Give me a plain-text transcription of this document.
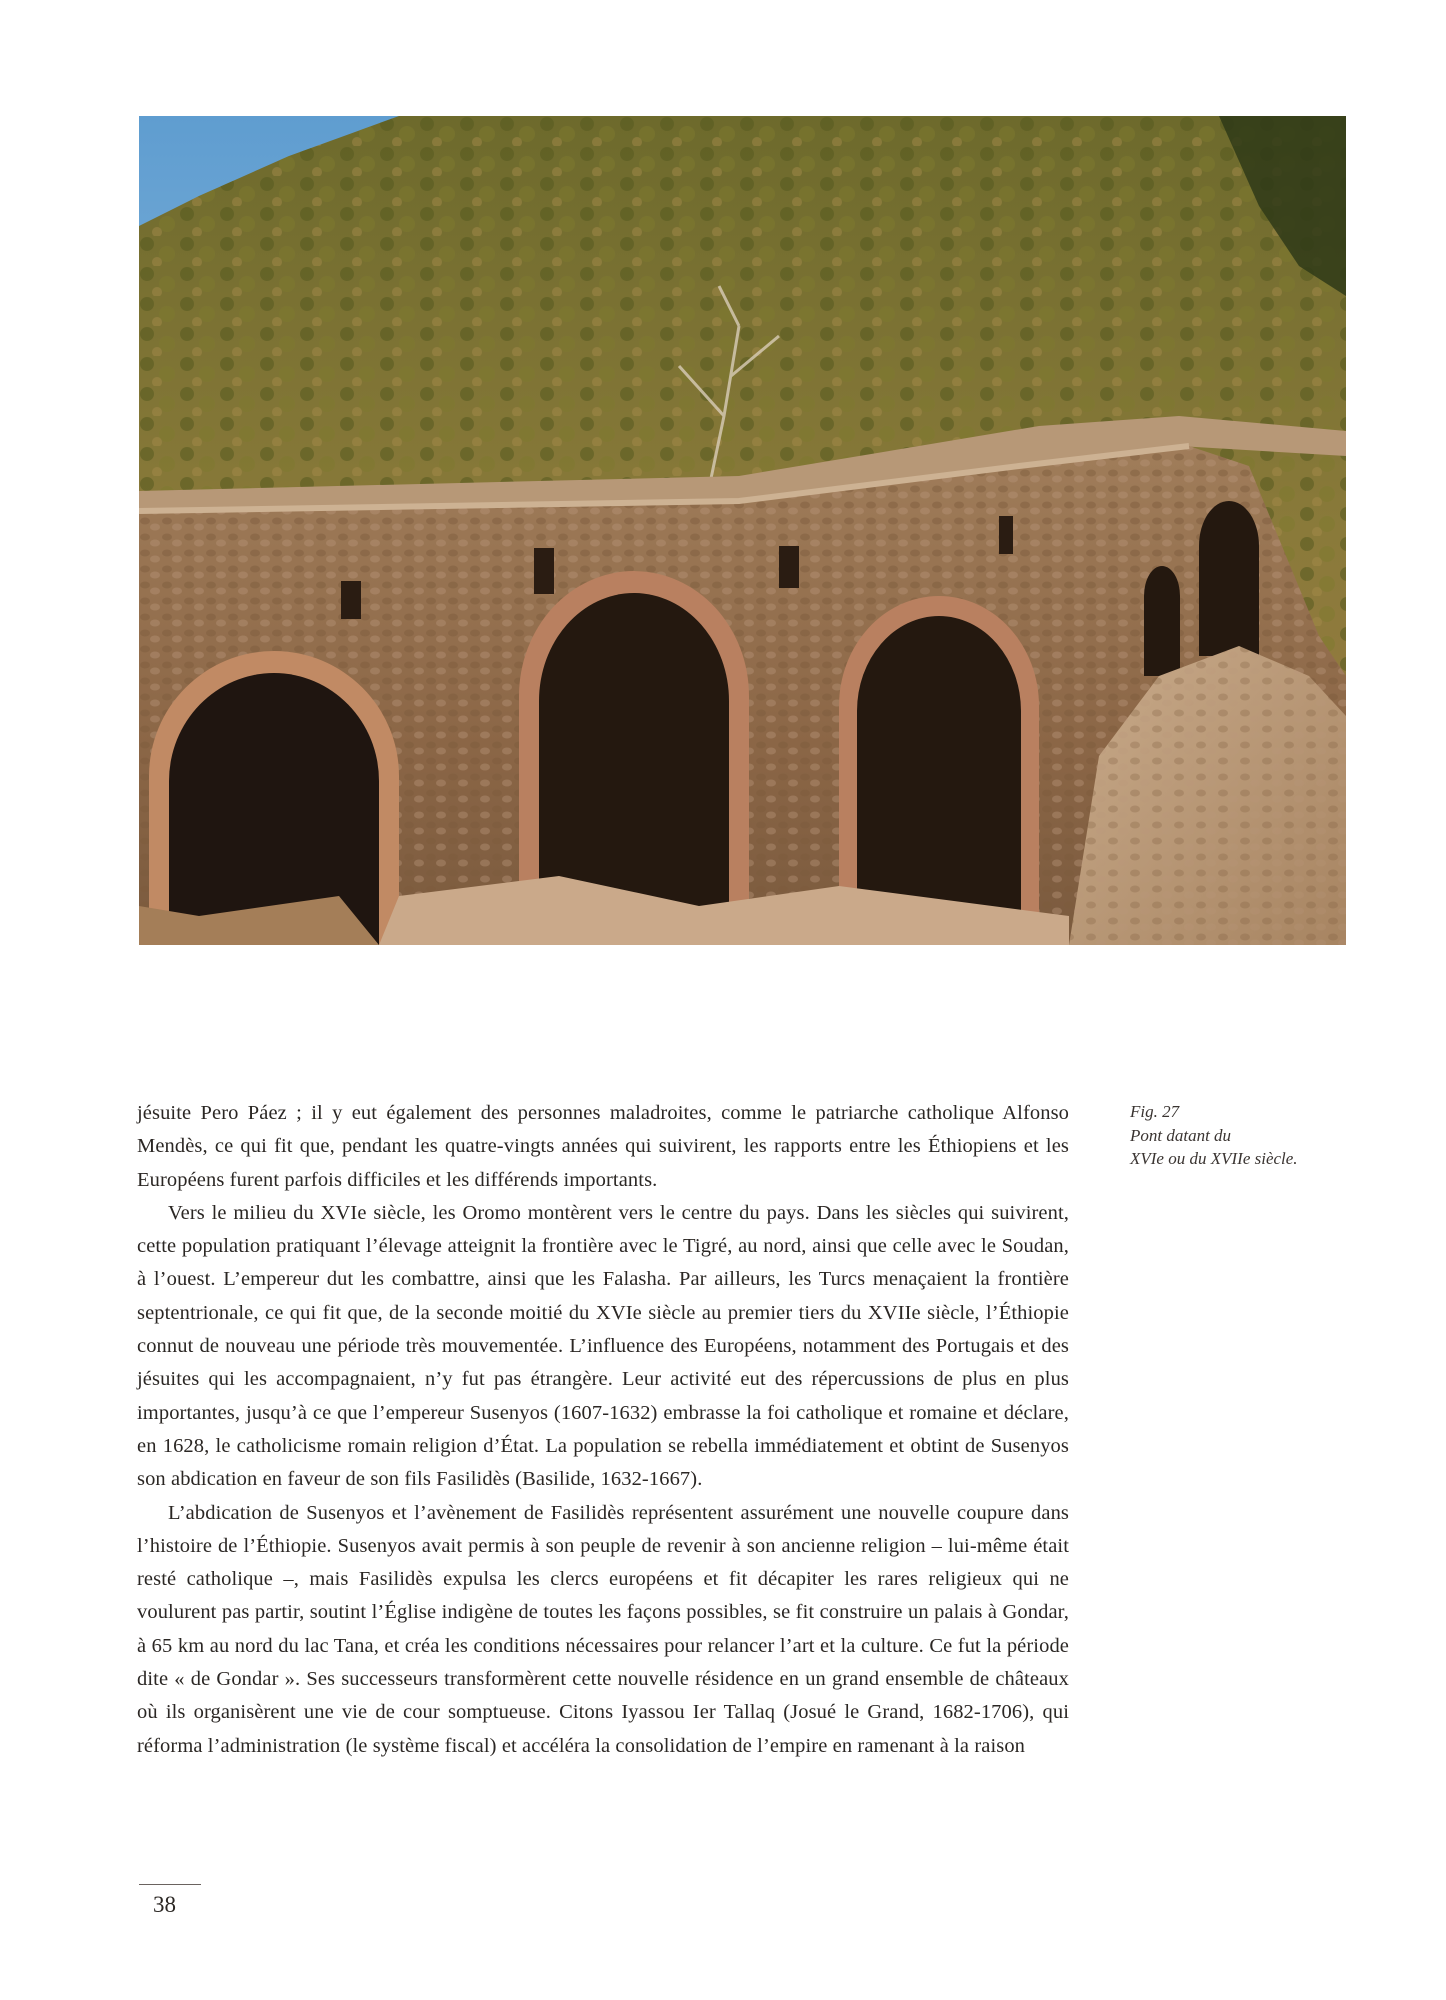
jésuite Pero Páez ; il y eut également des personnes maladroites, comme le patriarche catholique Alfonso Mendès, ce qui fit que, pendant les quatre-vingts années qui suivirent, les rapports entre les Éthiopiens et les Européens furent parfois difficiles et les différends importants.

Vers le milieu du XVIe siècle, les Oromo montèrent vers le centre du pays. Dans les siècles qui suivirent, cette population pratiquant l’élevage atteignit la frontière avec le Tigré, au nord, ainsi que celle avec le Soudan, à l’ouest. L’empereur dut les combattre, ainsi que les Falasha. Par ailleurs, les Turcs menaçaient la frontière septentrionale, ce qui fit que, de la seconde moitié du XVIe siècle au premier tiers du XVIIe siècle, l’Éthiopie connut de nouveau une période très mouvementée. L’influence des Européens, notamment des Portugais et des jésuites qui les accompagnaient, n’y fut pas étrangère. Leur activité eut des répercussions de plus en plus importantes, jusqu’à ce que l’empereur Susenyos (1607-1632) embrasse la foi catholique et romaine et déclare, en 1628, le catholicisme romain religion d’État. La population se rebella immédiatement et obtint de Susenyos son abdication en faveur de son fils Fasilidès (Basilide, 1632-1667).

L’abdication de Susenyos et l’avènement de Fasilidès représentent assurément une nouvelle coupure dans l’histoire de l’Éthiopie. Susenyos avait permis à son peuple de revenir à son ancienne religion – lui-même était resté catholique –, mais Fasilidès expulsa les clercs européens et fit décapiter les rares religieux qui ne voulurent pas partir, soutint l’Église indigène de toutes les façons possibles, se fit construire un palais à Gondar, à 65 km au nord du lac Tana, et créa les conditions nécessaires pour relancer l’art et la culture. Ce fut la période dite « de Gondar ». Ses successeurs transformèrent cette nouvelle résidence en un grand ensemble de châteaux où ils organisèrent une vie de cour somptueuse. Citons Iyassou Ier Tallaq (Josué le Grand, 1682-1706), qui réforma l’administration (le système fiscal) et accéléra la consolidation de l’empire en ramenant à la raison

Fig. 27
Pont datant du
XVIe ou du XVIIe siècle.
38
